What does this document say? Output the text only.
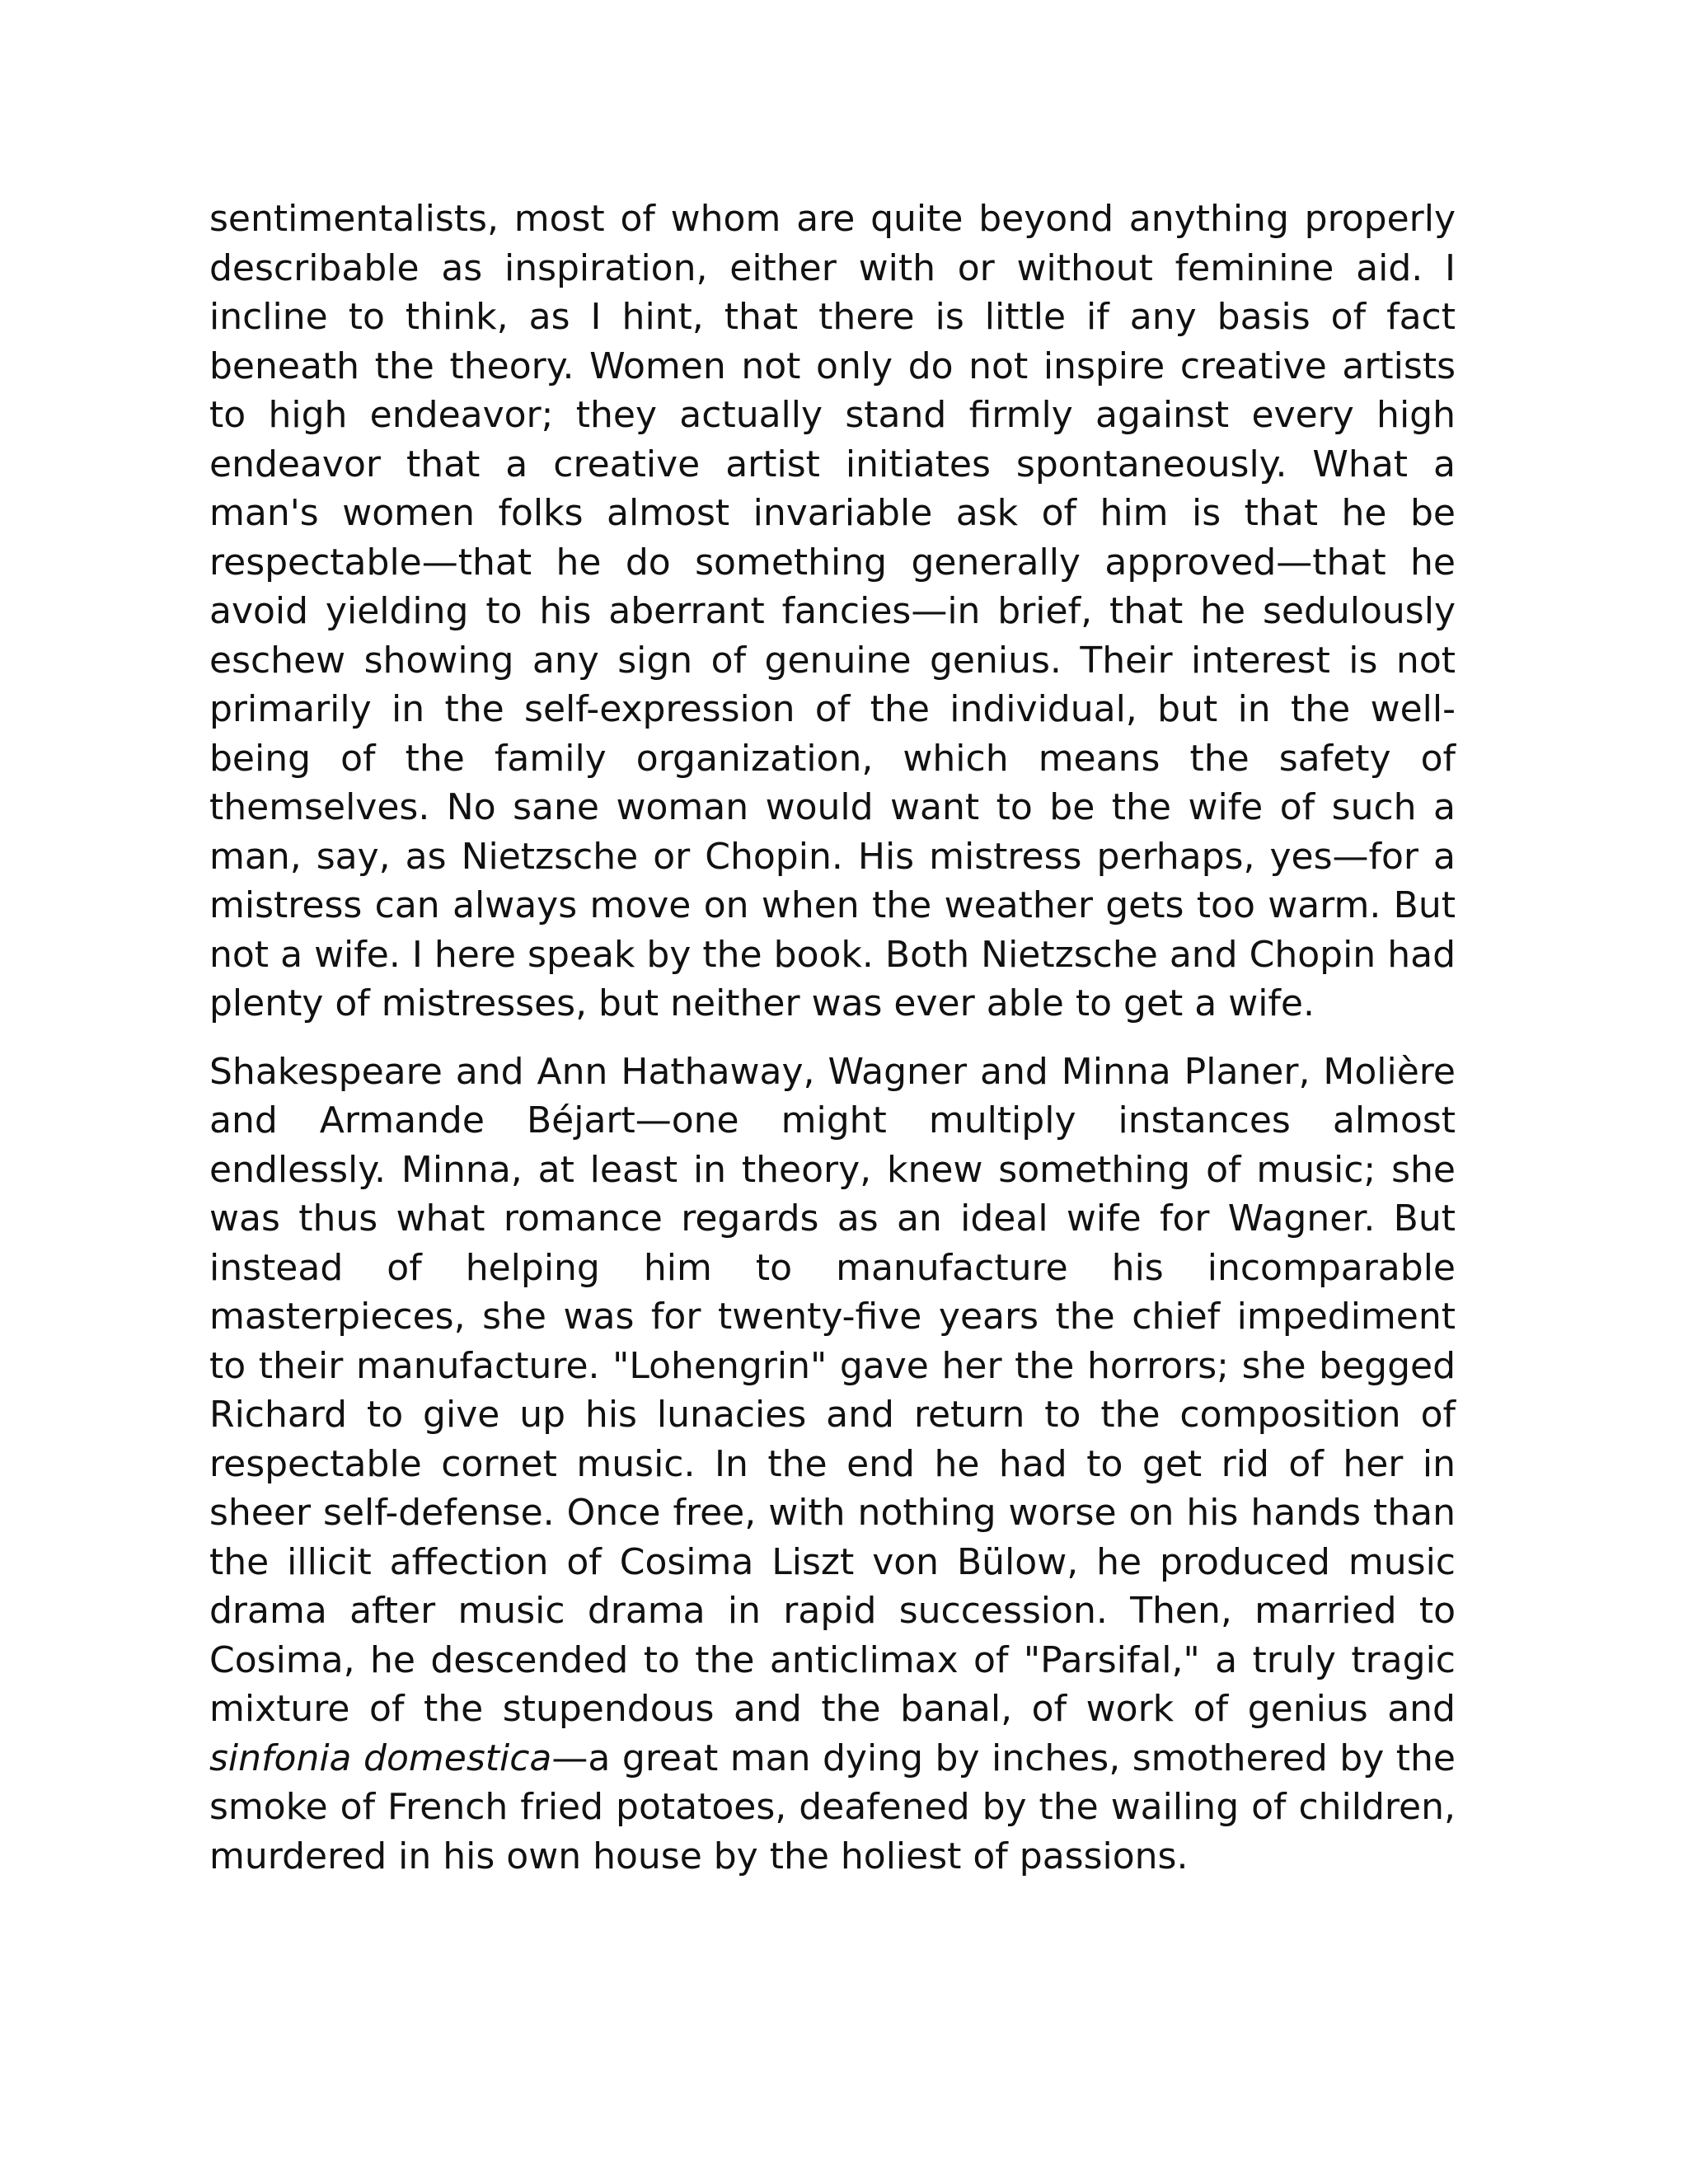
sentimentalists, most of whom are quite beyond anything properly describable as inspiration, either with or without feminine aid. I incline to think, as I hint, that there is little if any basis of fact beneath the theory. Women not only do not inspire creative artists to high endeavor; they actually stand firmly against every high endeavor that a creative artist initiates spontaneously. What a man's women folks almost invariable ask of him is that he be respectable—that he do something generally approved—that he avoid yielding to his aberrant fancies—in brief, that he sedulously eschew showing any sign of genuine genius. Their interest is not primarily in the self-expression of the individual, but in the well-being of the family organization, which means the safety of themselves. No sane woman would want to be the wife of such a man, say, as Nietzsche or Chopin. His mistress perhaps, yes—for a mistress can always move on when the weather gets too warm. But not a wife. I here speak by the book. Both Nietzsche and Chopin had plenty of mistresses, but neither was ever able to get a wife.

Shakespeare and Ann Hathaway, Wagner and Minna Planer, Molière and Armande Béjart—one might multiply instances almost endlessly. Minna, at least in theory, knew something of music; she was thus what romance regards as an ideal wife for Wagner. But instead of helping him to manufacture his incomparable masterpieces, she was for twenty-five years the chief impediment to their manufacture. "Lohengrin" gave her the horrors; she begged Richard to give up his lunacies and return to the composition of respectable cornet music. In the end he had to get rid of her in sheer self-defense. Once free, with nothing worse on his hands than the illicit affection of Cosima Liszt von Bülow, he produced music drama after music drama in rapid succession. Then, married to Cosima, he descended to the anticlimax of "Parsifal," a truly tragic mixture of the stupendous and the banal, of work of genius and sinfonia domestica—a great man dying by inches, smothered by the smoke of French fried potatoes, deafened by the wailing of children, murdered in his own house by the holiest of passions.
